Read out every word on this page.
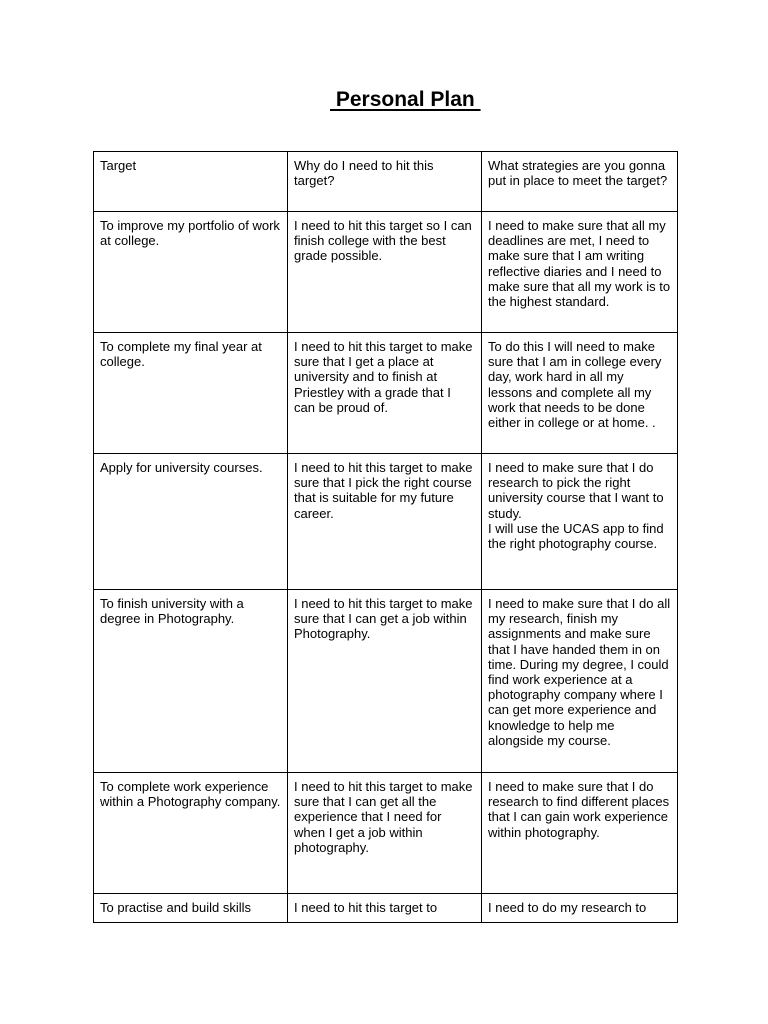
Personal Plan
Target	Why do I need to hit this target?	What strategies are you gonna put in place to meet the target?
To improve my portfolio of work at college.	I need to hit this target so I can finish college with the best grade possible.	I need to make sure that all my deadlines are met, I need to make sure that I am writing reflective diaries and I need to make sure that all my work is to the highest standard.
To complete my final year at college.	I need to hit this target to make sure that I get a place at university and to finish at Priestley with a grade that I can be proud of.	To do this I will need to make sure that I am in college every day, work hard in all my lessons and complete all my work that needs to be done either in college or at home. .
Apply for university courses.	I need to hit this target to make sure that I pick the right course that is suitable for my future career.	I need to make sure that I do research to pick the right university course that I want to study.
I will use the UCAS app to find the right photography course.
To finish university with a degree in Photography.	I need to hit this target to make sure that I can get a job within Photography.	I need to make sure that I do all my research, finish my assignments and make sure that I have handed them in on time. During my degree, I could find work experience at a photography company where I can get more experience and knowledge to help me alongside my course.
To complete work experience within a Photography company.	I need to hit this target to make sure that I can get all the experience that I need for when I get a job within photography.	I need to make sure that I do research to find different places that I can gain work experience within photography.
To practise and build skills	I need to hit this target to	I need to do my research to
